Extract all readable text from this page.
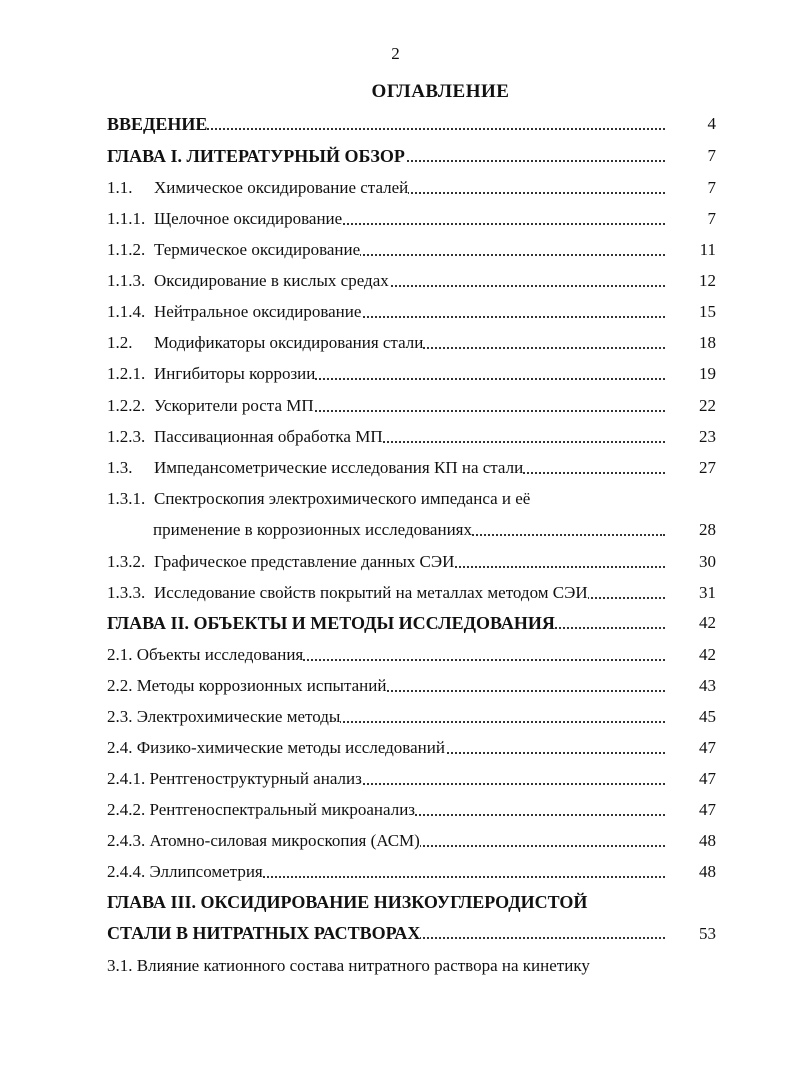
2
ОГЛАВЛЕНИЕ
ВВЕДЕНИЕ	4
ГЛАВА I. ЛИТЕРАТУРНЫЙ ОБЗОР	7
1.1. Химическое оксидирование сталей	7
1.1.1. Щелочное оксидирование	7
1.1.2. Термическое оксидирование	11
1.1.3. Оксидирование в кислых средах	12
1.1.4. Нейтральное оксидирование	15
1.2. Модификаторы оксидирования стали	18
1.2.1. Ингибиторы коррозии	19
1.2.2. Ускорители роста МП	22
1.2.3. Пассивационная обработка МП	23
1.3. Импедансометрические исследования КП на стали	27
1.3.1. Спектроскопия электрохимического импеданса и её
применение в коррозионных исследованиях	28
1.3.2. Графическое представление данных СЭИ	30
1.3.3. Исследование свойств покрытий на металлах методом СЭИ	31
ГЛАВА II. ОБЪЕКТЫ И МЕТОДЫ ИССЛЕДОВАНИЯ	42
2.1. Объекты исследования	42
2.2. Методы коррозионных испытаний	43
2.3. Электрохимические методы	45
2.4. Физико-химические методы исследований	47
2.4.1. Рентгеноструктурный анализ	47
2.4.2. Рентгеноспектральный микроанализ	47
2.4.3. Атомно-силовая микроскопия (АСМ)	48
2.4.4. Эллипсометрия	48
ГЛАВА III. ОКСИДИРОВАНИЕ НИЗКОУГЛЕРОДИСТОЙ
СТАЛИ В НИТРАТНЫХ РАСТВОРАХ	53
3.1. Влияние катионного состава нитратного раствора на кинетику
